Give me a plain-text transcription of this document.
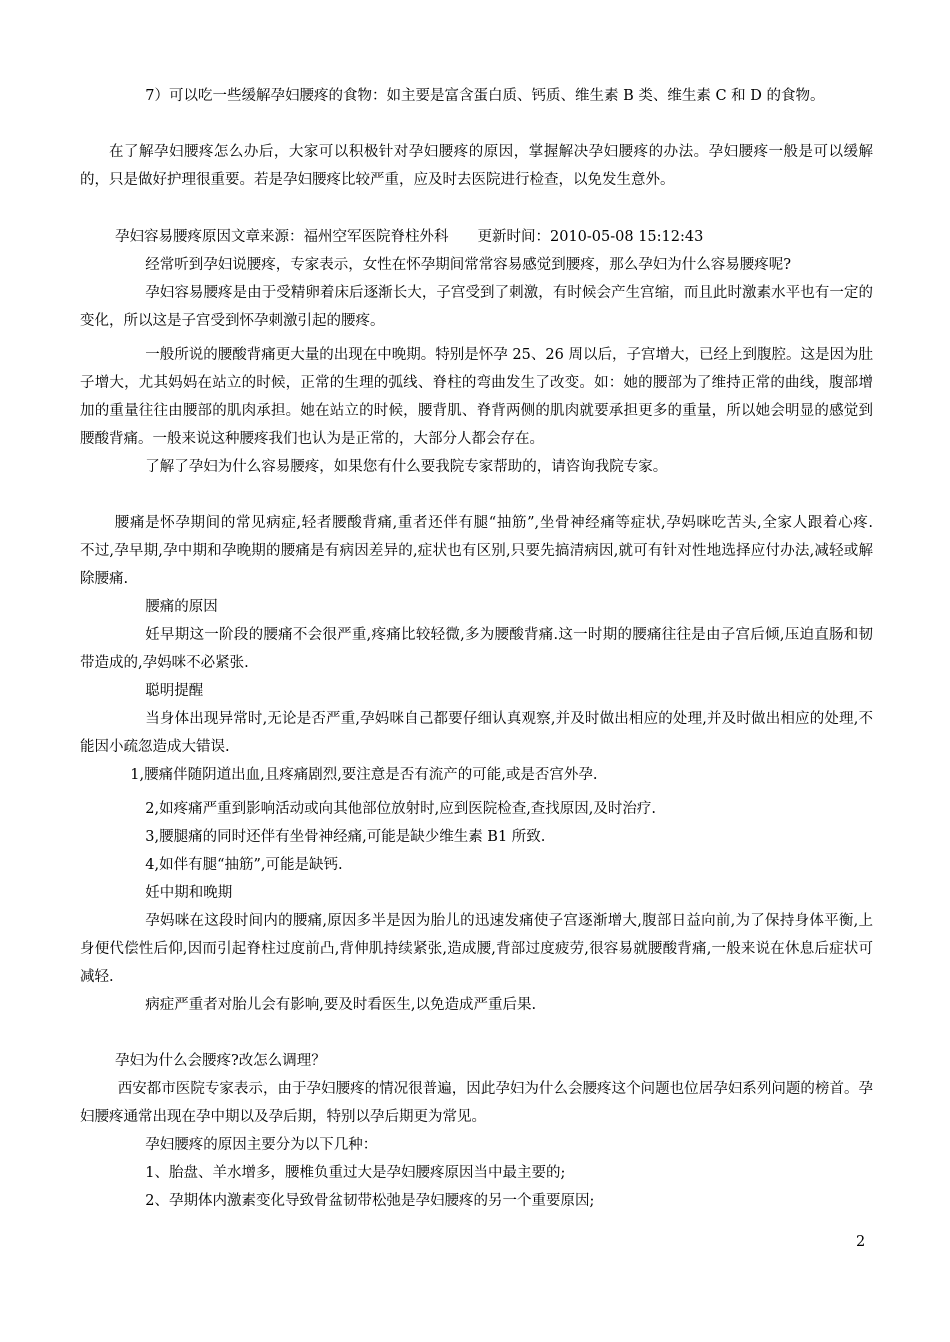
7）可以吃一些缓解孕妇腰疼的食物：如主要是富含蛋白质、钙质、维生素 B 类、维生素 C 和 D 的食物。

在了解孕妇腰疼怎么办后，大家可以积极针对孕妇腰疼的原因，掌握解决孕妇腰疼的办法。孕妇腰疼一般是可以缓解的，只是做好护理很重要。若是孕妇腰疼比较严重，应及时去医院进行检查，以免发生意外。

孕妇容易腰疼原因文章来源：福州空军医院脊柱外科　　更新时间：2010-05-08 15:12:43

经常听到孕妇说腰疼，专家表示，女性在怀孕期间常常容易感觉到腰疼，那么孕妇为什么容易腰疼呢?

孕妇容易腰疼是由于受精卵着床后逐渐长大，子宫受到了刺激，有时候会产生宫缩，而且此时激素水平也有一定的变化，所以这是子宫受到怀孕刺激引起的腰疼。

一般所说的腰酸背痛更大量的出现在中晚期。特别是怀孕 25、26 周以后，子宫增大，已经上到腹腔。这是因为肚子增大，尤其妈妈在站立的时候，正常的生理的弧线、脊柱的弯曲发生了改变。如：她的腰部为了维持正常的曲线，腹部增加的重量往往由腰部的肌肉承担。她在站立的时候，腰背肌、脊背两侧的肌肉就要承担更多的重量，所以她会明显的感觉到腰酸背痛。一般来说这种腰疼我们也认为是正常的，大部分人都会存在。

了解了孕妇为什么容易腰疼，如果您有什么要我院专家帮助的，请咨询我院专家。

腰痛是怀孕期间的常见病症,轻者腰酸背痛,重者还伴有腿“抽筋”,坐骨神经痛等症状,孕妈咪吃苦头,全家人跟着心疼.　　不过,孕早期,孕中期和孕晚期的腰痛是有病因差异的,症状也有区别,只要先搞清病因,就可有针对性地选择应付办法,减轻或解除腰痛.

腰痛的原因

妊早期这一阶段的腰痛不会很严重,疼痛比较轻微,多为腰酸背痛.这一时期的腰痛往往是由子宫后倾,压迫直肠和韧带造成的,孕妈咪不必紧张.

聪明提醒

当身体出现异常时,无论是否严重,孕妈咪自己都要仔细认真观察,并及时做出相应的处理,并及时做出相应的处理,不能因小疏忽造成大错误.

1,腰痛伴随阴道出血,且疼痛剧烈,要注意是否有流产的可能,或是否宫外孕.

2,如疼痛严重到影响活动或向其他部位放射时,应到医院检查,查找原因,及时治疗.

3,腰腿痛的同时还伴有坐骨神经痛,可能是缺少维生素 B1 所致.

4,如伴有腿“抽筋”,可能是缺钙.

妊中期和晚期

孕妈咪在这段时间内的腰痛,原因多半是因为胎儿的迅速发痛使子宫逐渐增大,腹部日益向前,为了保持身体平衡,上身便代偿性后仰,因而引起脊柱过度前凸,背伸肌持续紧张,造成腰,背部过度疲劳,很容易就腰酸背痛,一般来说在休息后症状可减轻.

病症严重者对胎儿会有影响,要及时看医生,以免造成严重后果.

孕妇为什么会腰疼?改怎么调理？

西安都市医院专家表示，由于孕妇腰疼的情况很普遍，因此孕妇为什么会腰疼这个问题也位居孕妇系列问题的榜首。孕妇腰疼通常出现在孕中期以及孕后期，特别以孕后期更为常见。

孕妇腰疼的原因主要分为以下几种：

1、胎盘、羊水增多，腰椎负重过大是孕妇腰疼原因当中最主要的;

2、孕期体内激素变化导致骨盆韧带松弛是孕妇腰疼的另一个重要原因;

2
